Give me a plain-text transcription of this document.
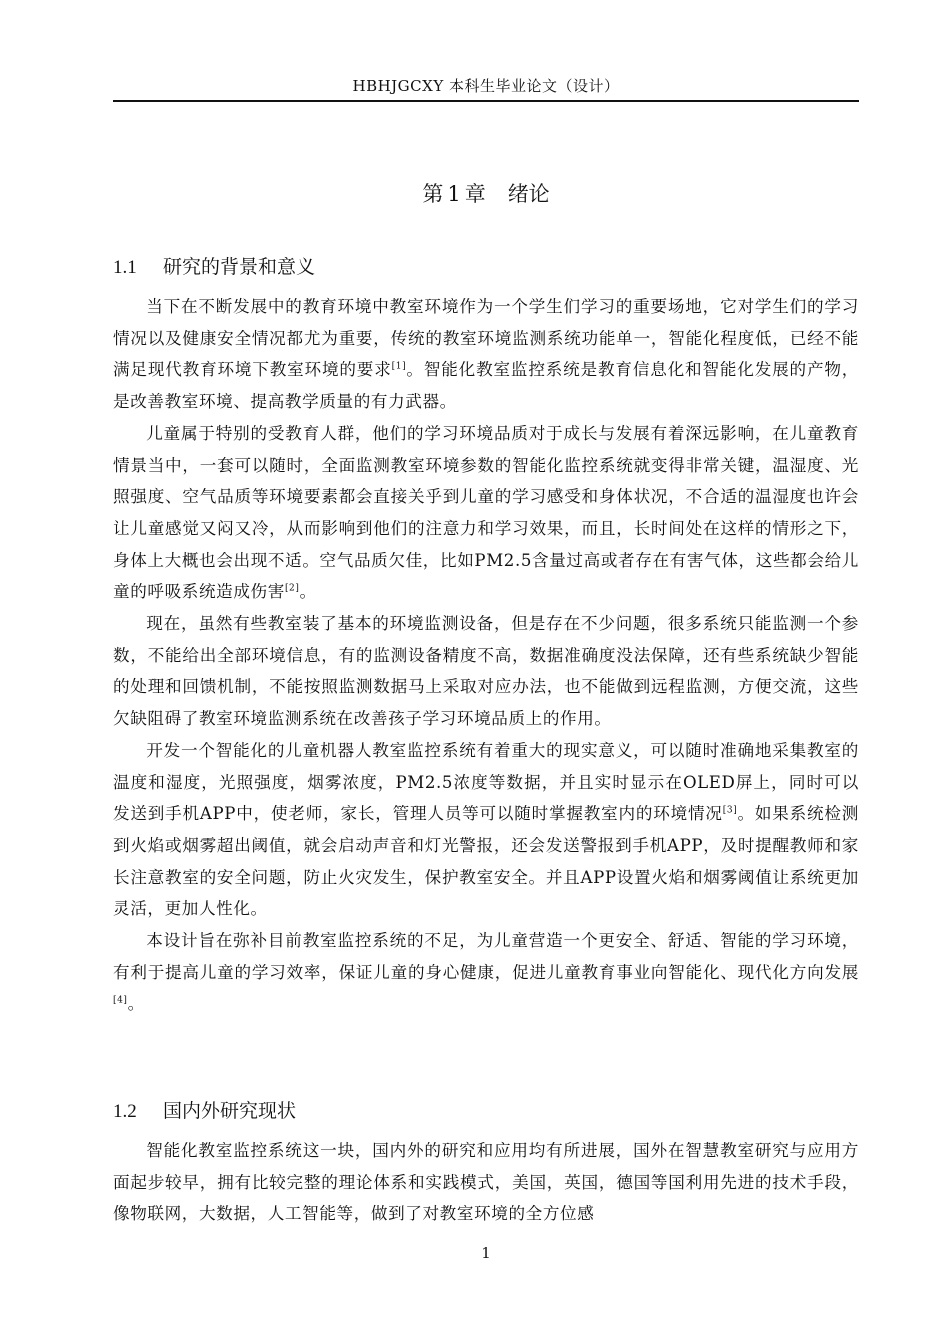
HBHJGCXY 本科生毕业论文（设计）
第 1 章 绪论
1.1 研究的背景和意义

当下在不断发展中的教育环境中教室环境作为一个学生们学习的重要场地，它对学生们的学习情况以及健康安全情况都尤为重要，传统的教室环境监测系统功能单一，智能化程度低，已经不能满足现代教育环境下教室环境的要求[1]。智能化教室监控系统是教育信息化和智能化发展的产物，是改善教室环境、提高教学质量的有力武器。

儿童属于特别的受教育人群，他们的学习环境品质对于成长与发展有着深远影响，在儿童教育情景当中，一套可以随时，全面监测教室环境参数的智能化监控系统就变得非常关键，温湿度、光照强度、空气品质等环境要素都会直接关乎到儿童的学习感受和身体状况，不合适的温湿度也许会让儿童感觉又闷又冷，从而影响到他们的注意力和学习效果，而且，长时间处在这样的情形之下，身体上大概也会出现不适。空气品质欠佳，比如PM2.5含量过高或者存在有害气体，这些都会给儿童的呼吸系统造成伤害[2]。

现在，虽然有些教室装了基本的环境监测设备，但是存在不少问题，很多系统只能监测一个参数，不能给出全部环境信息，有的监测设备精度不高，数据准确度没法保障，还有些系统缺少智能的处理和回馈机制，不能按照监测数据马上采取对应办法，也不能做到远程监测，方便交流，这些欠缺阻碍了教室环境监测系统在改善孩子学习环境品质上的作用。

开发一个智能化的儿童机器人教室监控系统有着重大的现实意义，可以随时准确地采集教室的温度和湿度，光照强度，烟雾浓度，PM2.5浓度等数据，并且实时显示在OLED屏上，同时可以发送到手机APP中，使老师，家长，管理人员等可以随时掌握教室内的环境情况[3]。如果系统检测到火焰或烟雾超出阈值，就会启动声音和灯光警报，还会发送警报到手机APP，及时提醒教师和家长注意教室的安全问题，防止火灾发生，保护教室安全。并且APP设置火焰和烟雾阈值让系统更加灵活，更加人性化。

本设计旨在弥补目前教室监控系统的不足，为儿童营造一个更安全、舒适、智能的学习环境，有利于提高儿童的学习效率，保证儿童的身心健康，促进儿童教育事业向智能化、现代化方向发展[4]。

1.2 国内外研究现状

智能化教室监控系统这一块，国内外的研究和应用均有所进展，国外在智慧教室研究与应用方面起步较早，拥有比较完整的理论体系和实践模式，美国，英国，德国等国利用先进的技术手段，像物联网，大数据，人工智能等，做到了对教室环境的全方位感

1
